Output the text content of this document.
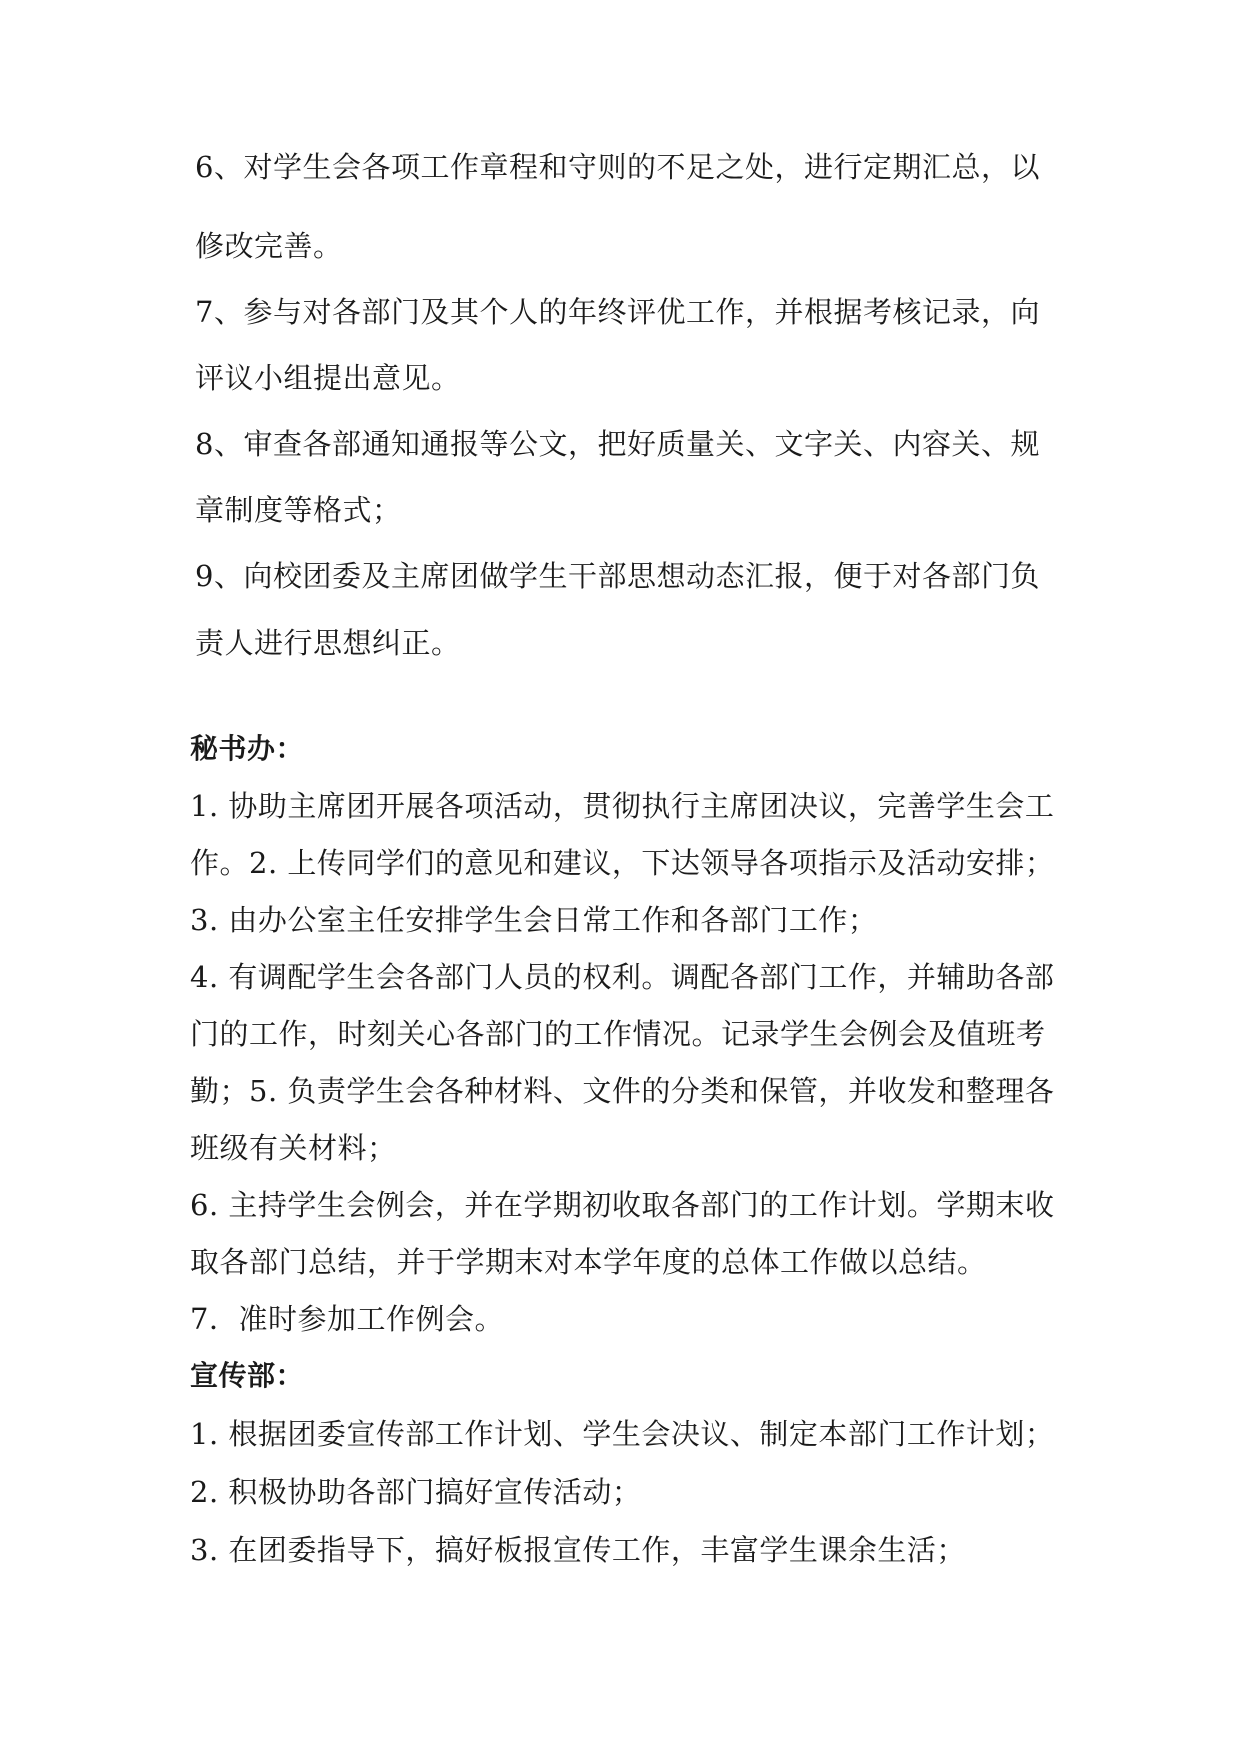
6、对学生会各项工作章程和守则的不足之处，进行定期汇总，以
修改完善。
7、参与对各部门及其个人的年终评优工作，并根据考核记录，向
评议小组提出意见。
8、审查各部通知通报等公文，把好质量关、文字关、内容关、规
章制度等格式；
9、向校团委及主席团做学生干部思想动态汇报，便于对各部门负
责人进行思想纠正。
秘书办：
1. 协助主席团开展各项活动，贯彻执行主席团决议，完善学生会工
作。2. 上传同学们的意见和建议，下达领导各项指示及活动安排；
3. 由办公室主任安排学生会日常工作和各部门工作；
4. 有调配学生会各部门人员的权利。调配各部门工作，并辅助各部
门的工作，时刻关心各部门的工作情况。记录学生会例会及值班考
勤；5. 负责学生会各种材料、文件的分类和保管，并收发和整理各
班级有关材料；
6. 主持学生会例会，并在学期初收取各部门的工作计划。学期末收
取各部门总结，并于学期末对本学年度的总体工作做以总结。
7．准时参加工作例会。
宣传部：
1. 根据团委宣传部工作计划、学生会决议、制定本部门工作计划；
2. 积极协助各部门搞好宣传活动；
3. 在团委指导下，搞好板报宣传工作，丰富学生课余生活；
